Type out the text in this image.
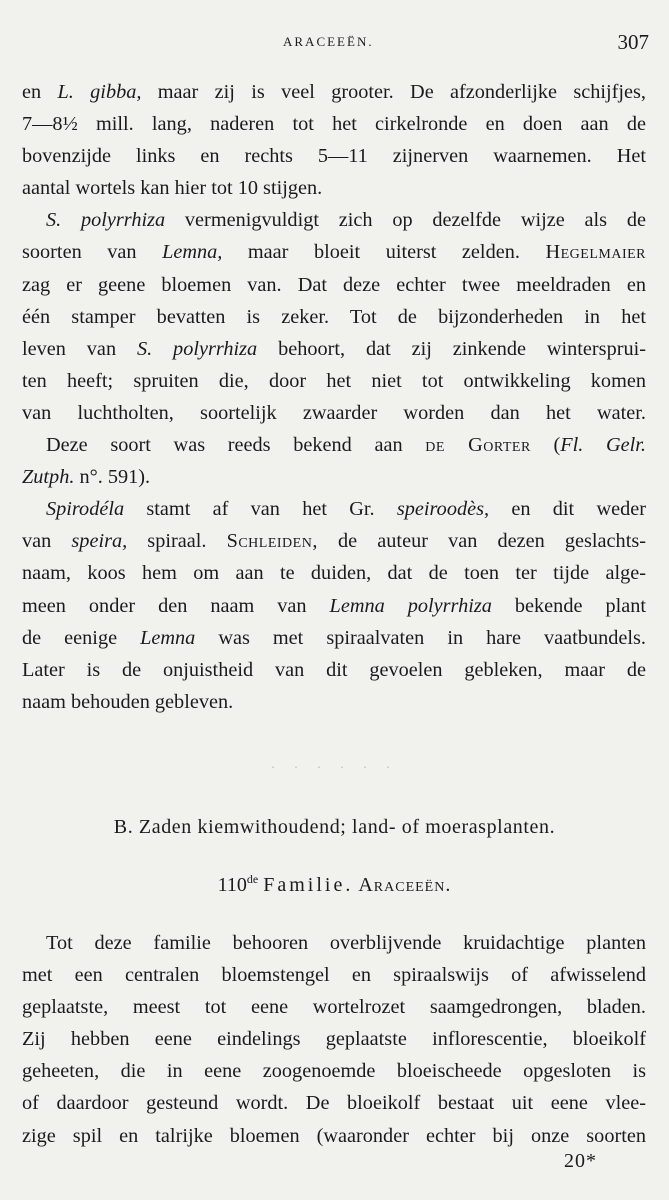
ARACEEËN.	307
en L. gibba, maar zij is veel grooter. De afzonderlijke schijfjes,
7—8½ mill. lang, naderen tot het cirkelronde en doen aan de
bovenzijde links en rechts 5—11 zijnerven waarnemen. Het
aantal wortels kan hier tot 10 stijgen.
S. polyrrhiza vermenigvuldigt zich op dezelfde wijze als de
soorten van Lemna, maar bloeit uiterst zelden. Hegelmaier
zag er geene bloemen van. Dat deze echter twee meeldraden en
één stamper bevatten is zeker. Tot de bijzonderheden in het
leven van S. polyrrhiza behoort, dat zij zinkende wintersprui-
ten heeft; spruiten die, door het niet tot ontwikkeling komen
van luchtholten, soortelijk zwaarder worden dan het water.
Deze soort was reeds bekend aan de Gorter (Fl. Gelr.
Zutph. n°. 591).
Spirodéla stamt af van het Gr. speiroodès, en dit weder
van speira, spiraal. Schleiden, de auteur van dezen geslachts-
naam, koos hem om aan te duiden, dat de toen ter tijde alge-
meen onder den naam van Lemna polyrrhiza bekende plant
de eenige Lemna was met spiraalvaten in hare vaatbundels.
Later is de onjuistheid van dit gevoelen gebleken, maar de
naam behouden gebleven.
. . . . . .
B. Zaden kiemwithoudend; land- of moerasplanten.
110de Familie. Araceeën.
Tot deze familie behooren overblijvende kruidachtige planten
met een centralen bloemstengel en spiraalswijs of afwisselend
geplaatste, meest tot eene wortelrozet saamgedrongen, bladen.
Zij hebben eene eindelings geplaatste inflorescentie, bloeikolf
geheeten, die in eene zoogenoemde bloeischeede opgesloten is
of daardoor gesteund wordt. De bloeikolf bestaat uit eene vlee-
zige spil en talrijke bloemen (waaronder echter bij onze soorten
20*
